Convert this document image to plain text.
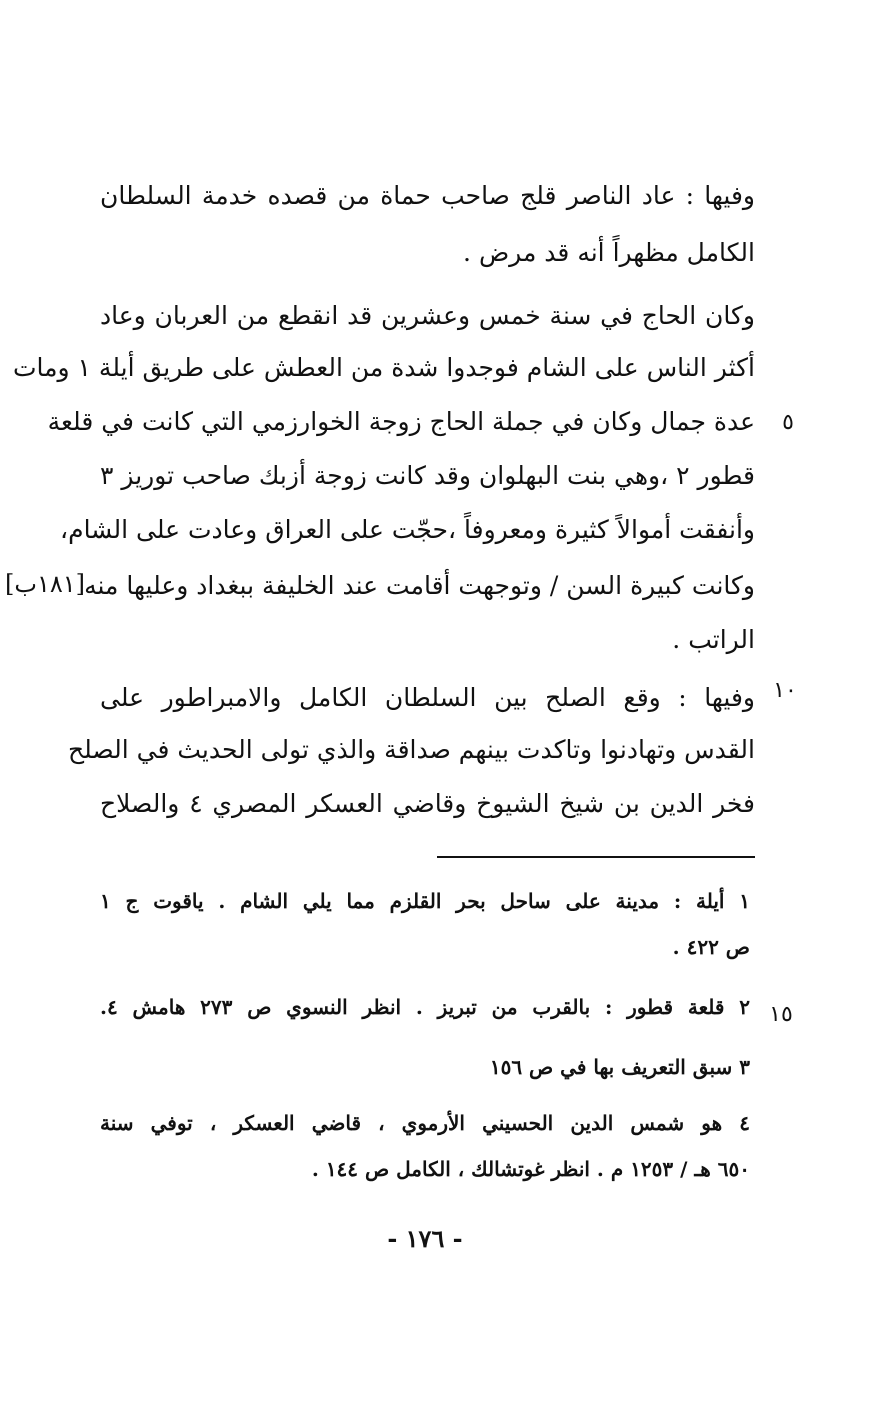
وفيها : عاد الناصر قلج صاحب حماة من قصده خدمة السلطان
الكامل مظهراً أنه قد مرض .
وكان الحاج في سنة خمس وعشرين قد انقطع من العربان وعاد
أكثر الناس على الشام فوجدوا شدة من العطش على طريق أيلة ١ ومات
عدة جمال وكان في جملة الحاج زوجة الخوارزمي التي كانت في قلعة
قطور ٢ ،وهي بنت البهلوان وقد كانت زوجة أزبك صاحب توريز ٣
وأنفقت أموالاً كثيرة ومعروفاً ،حجّت على العراق وعادت على الشام،
وكانت كبيرة السن / وتوجهت أقامت عند الخليفة ببغداد وعليها منه
الراتب .
وفيها : وقع الصلح بين السلطان الكامل والامبراطور على
القدس وتهادنوا وتاكدت بينهم صداقة والذي تولى الحديث في الصلح
فخر الدين بن شيخ الشيوخ وقاضي العسكر المصري ٤ والصلاح
٥
١٠
١٥
[١٨١ب]
١ أيلة : مدينة على ساحل بحر القلزم مما يلي الشام . ياقوت ج ١
ص ٤٢٢ .
٢ قلعة قطور : بالقرب من تبريز . انظر النسوي ص ٢٧٣ هامش ٤.
٣ سبق التعريف بها في ص ١٥٦
٤ هو شمس الدين الحسيني الأرموي ، قاضي العسكر ، توفي سنة
٦٥٠ هـ / ١٢٥٣ م . انظر غوتشالك ، الكامل ص ١٤٤ .
- ١٧٦ -
